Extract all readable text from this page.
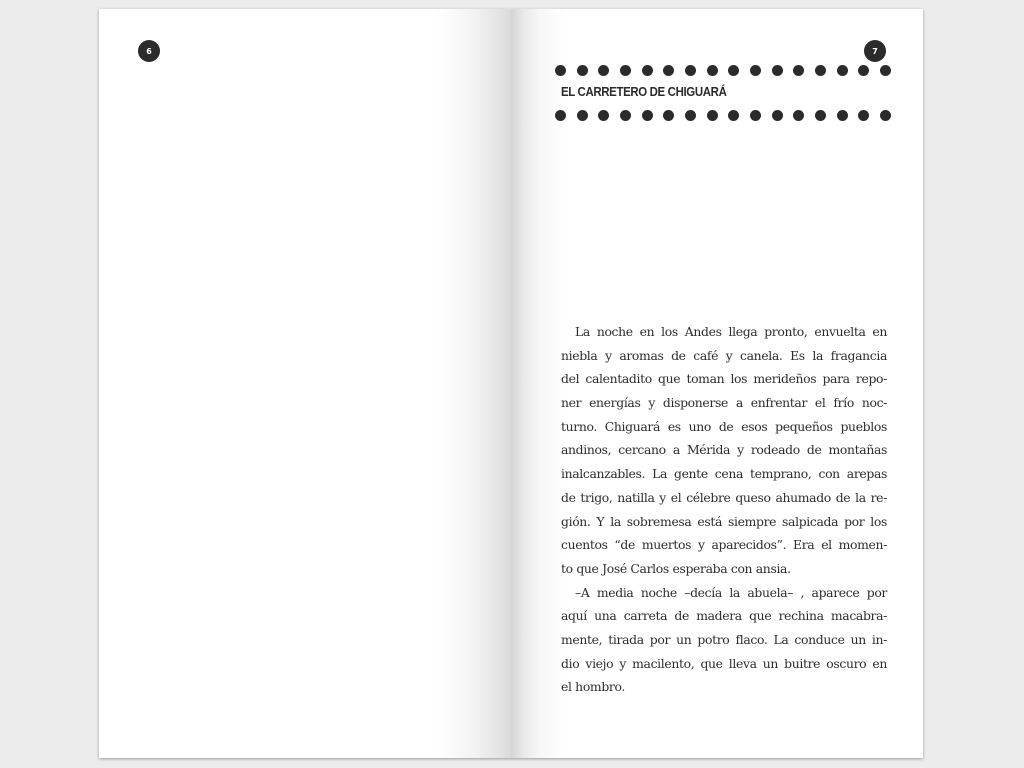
6	7
EL CARRETERO DE CHIGUARÁ
La noche en los Andes llega pronto, envuelta en
niebla y aromas de café y canela. Es la fragancia
del calentadito que toman los merideños para repo-
ner energías y disponerse a enfrentar el frío noc-
turno. Chiguará es uno de esos pequeños pueblos
andinos, cercano a Mérida y rodeado de montañas
inalcanzables. La gente cena temprano, con arepas
de trigo, natilla y el célebre queso ahumado de la re-
gión. Y la sobremesa está siempre salpicada por los
cuentos “de muertos y aparecidos”. Era el momen-
to que José Carlos esperaba con ansia.
–A media noche –decía la abuela– , aparece por
aquí una carreta de madera que rechina macabra-
mente, tirada por un potro flaco. La conduce un in-
dio viejo y macilento, que lleva un buitre oscuro en
el hombro.
